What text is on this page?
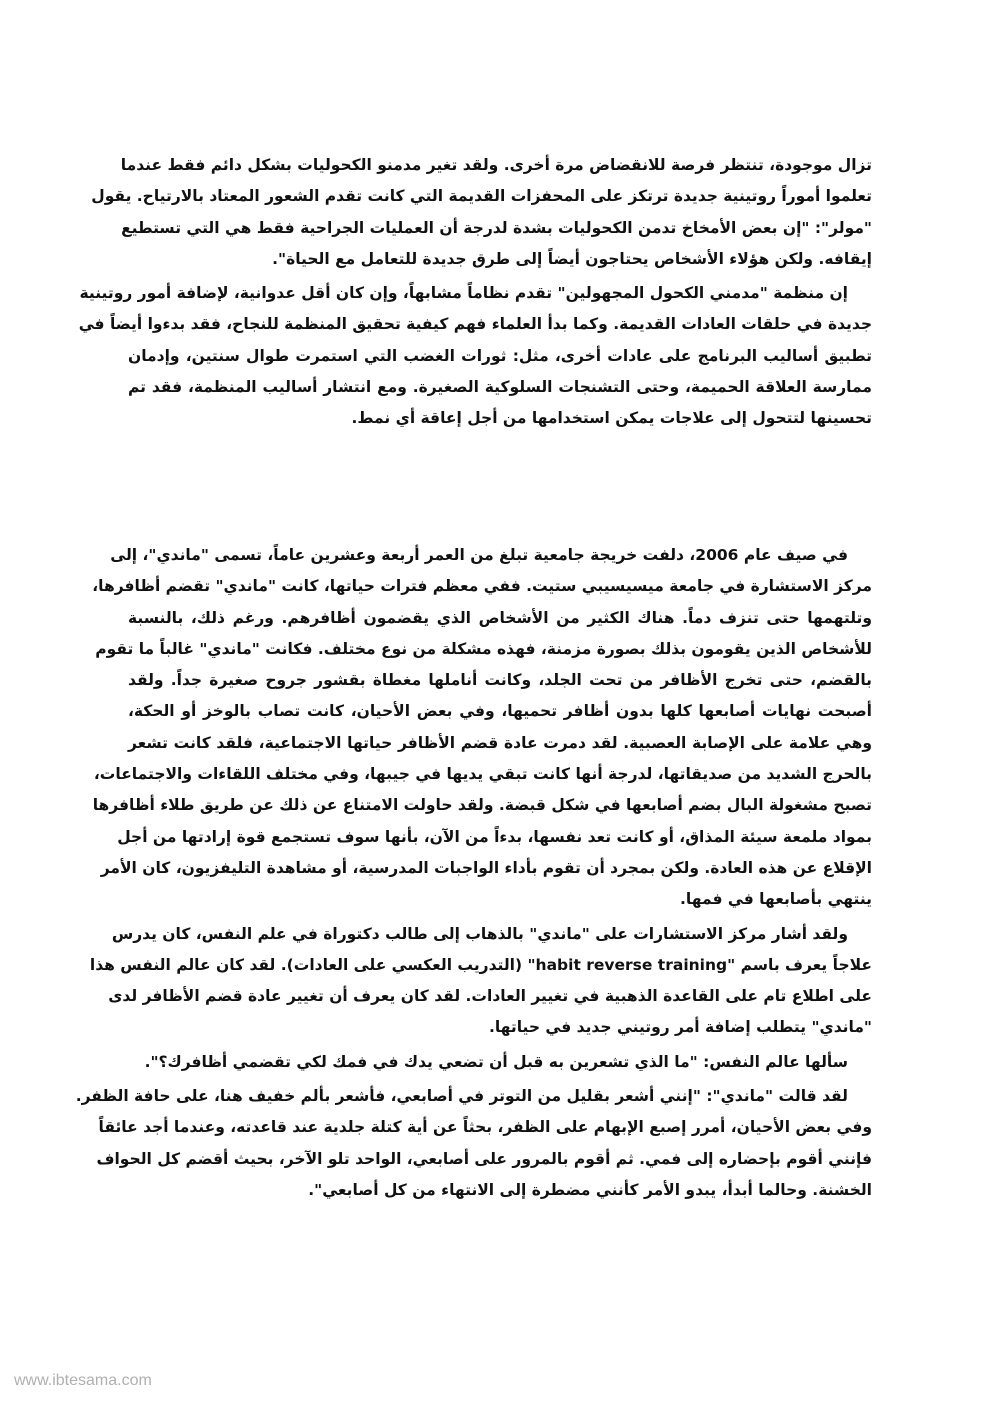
تزال موجودة، تنتظر فرصة للانقضاض مرة أخرى. ولقد تغير مدمنو الكحوليات بشكل دائم فقط عندما
تعلموا أموراً روتينية جديدة ترتكز على المحفزات القديمة التي كانت تقدم الشعور المعتاد بالارتياح. يقول
"مولر": "إن بعض الأمخاخ تدمن الكحوليات بشدة لدرجة أن العمليات الجراحية فقط هي التي تستطيع
إيقافه. ولكن هؤلاء الأشخاص يحتاجون أيضاً إلى طرق جديدة للتعامل مع الحياة".
إن منظمة "مدمني الكحول المجهولين" تقدم نظاماً مشابهاً، وإن كان أقل عدوانية، لإضافة أمور روتينية
جديدة في حلقات العادات القديمة. وكما بدأ العلماء فهم كيفية تحقيق المنظمة للنجاح، فقد بدءوا أيضاً في
تطبيق أساليب البرنامج على عادات أخرى، مثل: ثورات الغضب التي استمرت طوال سنتين، وإدمان
ممارسة العلاقة الحميمة، وحتى التشنجات السلوكية الصغيرة. ومع انتشار أساليب المنظمة، فقد تم
تحسينها لتتحول إلى علاجات يمكن استخدامها من أجل إعاقة أي نمط.
في صيف عام 2006، دلفت خريجة جامعية تبلغ من العمر أربعة وعشرين عاماً، تسمى "ماندي"، إلى
مركز الاستشارة في جامعة ميسيسيبي ستيت. ففي معظم فترات حياتها، كانت "ماندي" تقضم أظافرها،
وتلتهمها حتى تنزف دماً. هناك الكثير من الأشخاص الذي يقضمون أظافرهم. ورغم ذلك، بالنسبة
للأشخاص الذين يقومون بذلك بصورة مزمنة، فهذه مشكلة من نوع مختلف. فكانت "ماندي" غالباً ما تقوم
بالقضم، حتى تخرج الأظافر من تحت الجلد، وكانت أناملها مغطاة بقشور جروح صغيرة جداً. ولقد
أصبحت نهايات أصابعها كلها بدون أظافر تحميها، وفي بعض الأحيان، كانت تصاب بالوخز أو الحكة،
وهي علامة على الإصابة العصبية. لقد دمرت عادة قضم الأظافر حياتها الاجتماعية، فلقد كانت تشعر
بالحرج الشديد من صديقاتها، لدرجة أنها كانت تبقي يديها في جيبها، وفي مختلف اللقاءات والاجتماعات،
تصبح مشغولة البال بضم أصابعها في شكل قبضة. ولقد حاولت الامتناع عن ذلك عن طريق طلاء أظافرها
بمواد ملمعة سيئة المذاق، أو كانت تعد نفسها، بدءاً من الآن، بأنها سوف تستجمع قوة إرادتها من أجل
الإقلاع عن هذه العادة. ولكن بمجرد أن تقوم بأداء الواجبات المدرسية، أو مشاهدة التليفزيون، كان الأمر
ينتهي بأصابعها في فمها.
ولقد أشار مركز الاستشارات على "ماندي" بالذهاب إلى طالب دكتوراة في علم النفس، كان يدرس
علاجاً يعرف باسم "habit reverse training" (التدريب العكسي على العادات). لقد كان عالم النفس هذا
على اطلاع تام على القاعدة الذهبية في تغيير العادات. لقد كان يعرف أن تغيير عادة قضم الأظافر لدى
"ماندي" يتطلب إضافة أمر روتيني جديد في حياتها.
سألها عالم النفس: "ما الذي تشعرين به قبل أن تضعي يدك في فمك لكي تقضمي أظافرك؟".
لقد قالت "ماندي": "إنني أشعر بقليل من التوتر في أصابعي، فأشعر بألم خفيف هنا، على حافة الظفر.
وفي بعض الأحيان، أمرر إصبع الإبهام على الظفر، بحثاً عن أية كتلة جلدية عند قاعدته، وعندما أجد عائقاً
فإنني أقوم بإحضاره إلى فمي. ثم أقوم بالمرور على أصابعي، الواحد تلو الآخر، بحيث أقضم كل الحواف
الخشنة. وحالما أبدأ، يبدو الأمر كأنني مضطرة إلى الانتهاء من كل أصابعي".
www.ibtesama.com
